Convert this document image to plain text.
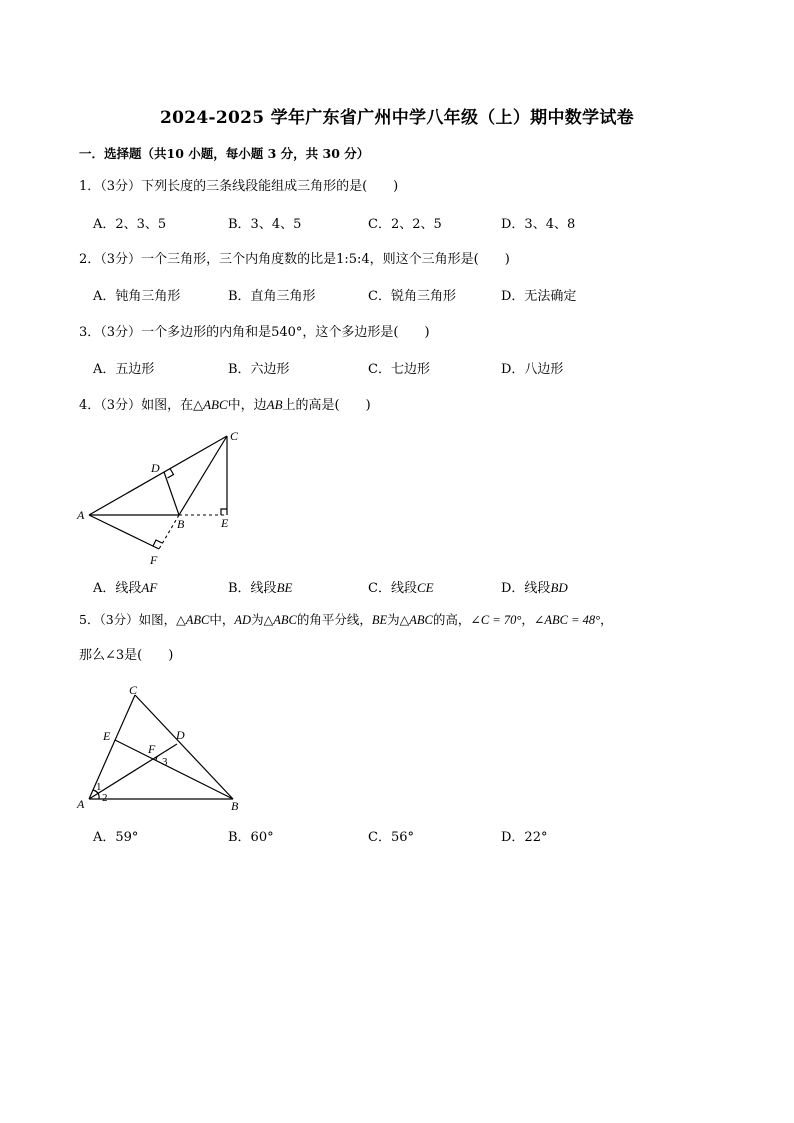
2024-2025 学年广东省广州中学八年级（上）期中数学试卷
一．选择题（共10 小题，每小题 3 分，共 30 分）
1．（3分）下列长度的三条线段能组成三角形的是(　　)
A．2、3、5	B．3、4、5	C．2、2、5	D．3、4、8
2．（3分）一个三角形，三个内角度数的比是1:5:4，则这个三角形是(　　)
A．钝角三角形	B．直角三角形	C．锐角三角形	D．无法确定
3．（3分）一个多边形的内角和是540°，这个多边形是(　　)
A．五边形	B．六边形	C．七边形	D．八边形
4．（3分）如图，在△ABC中，边AB上的高是(　　)
A
B
C
D
E
F
A．线段AF	B．线段BE	C．线段CE	D．线段BD
5．（3分）如图，△ABC中，AD为△ABC的角平分线，BE为△ABC的高，∠C = 70°，∠ABC = 48°，
那么∠3是(　　)
A	B
C
D
E
F
1
2
3
A．59°	B．60°	C．56°	D．22°
